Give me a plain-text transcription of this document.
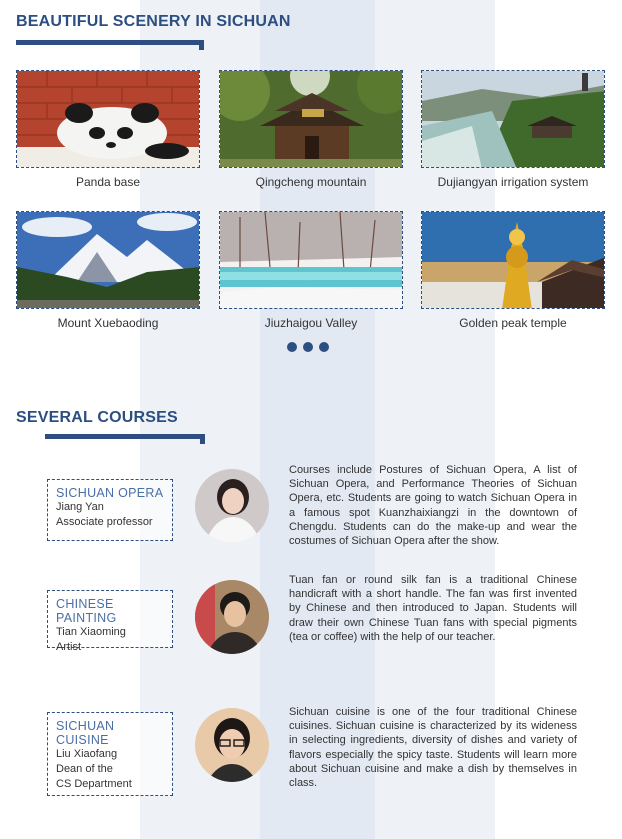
BEAUTIFUL SCENERY IN SICHUAN
Panda base	Qingcheng mountain	Dujiangyan irrigation system
Mount Xuebaoding	Jiuzhaigou Valley	Golden peak temple
SEVERAL COURSES
SICHUAN OPERA
Jiang Yan
Associate professor
Courses include Postures of Sichuan Opera, A list of Sichuan Opera, and Performance Theories of Sichuan Opera, etc. Students are going to watch Sichuan Opera in a famous spot Kuanzhaixiangzi in the downtown of Chengdu. Students can do the make-up and wear the costumes of Sichuan Opera after the show.
CHINESE PAINTING
Tian Xiaoming
Artist
Tuan fan or round silk fan is a traditional Chinese handicraft with a short handle. The fan was first invented by Chinese and then introduced to Japan. Students will draw their own Chinese Tuan fans with special pigments (tea or coffee) with the help of our teacher.
SICHUAN CUISINE
Liu Xiaofang
Dean of the
CS Department
Sichuan cuisine is one of the four traditional Chinese cuisines. Sichuan cuisine is characterized by its wideness in selecting ingredients, diversity of dishes and variety of flavors especially the spicy taste. Students will learn more about Sichuan cuisine and make a dish by themselves in class.
